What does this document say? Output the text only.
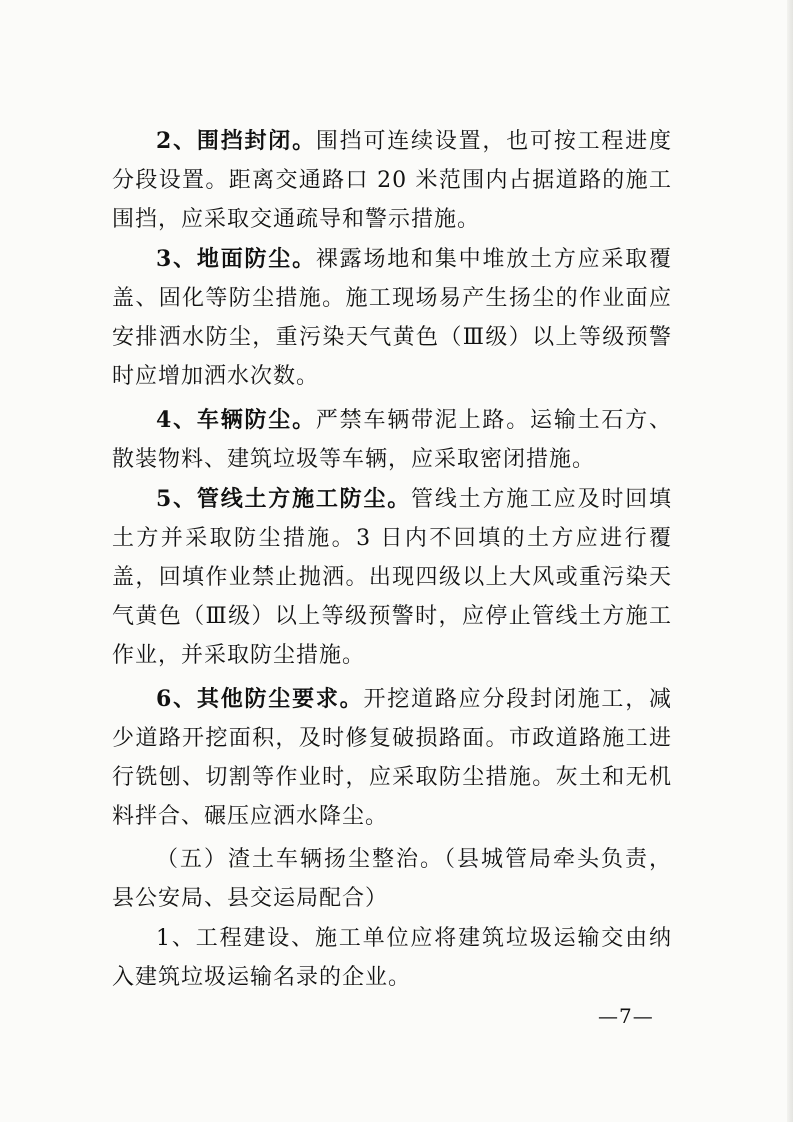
2、围挡封闭。围挡可连续设置，也可按工程进度分段设置。距离交通路口 20 米范围内占据道路的施工围挡，应采取交通疏导和警示措施。

3、地面防尘。裸露场地和集中堆放土方应采取覆盖、固化等防尘措施。施工现场易产生扬尘的作业面应安排洒水防尘，重污染天气黄色（Ⅲ级）以上等级预警时应增加洒水次数。

4、车辆防尘。严禁车辆带泥上路。运输土石方、散装物料、建筑垃圾等车辆，应采取密闭措施。

5、管线土方施工防尘。管线土方施工应及时回填土方并采取防尘措施。3 日内不回填的土方应进行覆盖，回填作业禁止抛洒。出现四级以上大风或重污染天气黄色（Ⅲ级）以上等级预警时，应停止管线土方施工作业，并采取防尘措施。

6、其他防尘要求。开挖道路应分段封闭施工，减少道路开挖面积，及时修复破损路面。市政道路施工进行铣刨、切割等作业时，应采取防尘措施。灰土和无机料拌合、碾压应洒水降尘。

（五）渣土车辆扬尘整治。（县城管局牵头负责，县公安局、县交运局配合）

1、工程建设、施工单位应将建筑垃圾运输交由纳入建筑垃圾运输名录的企业。

—7—
